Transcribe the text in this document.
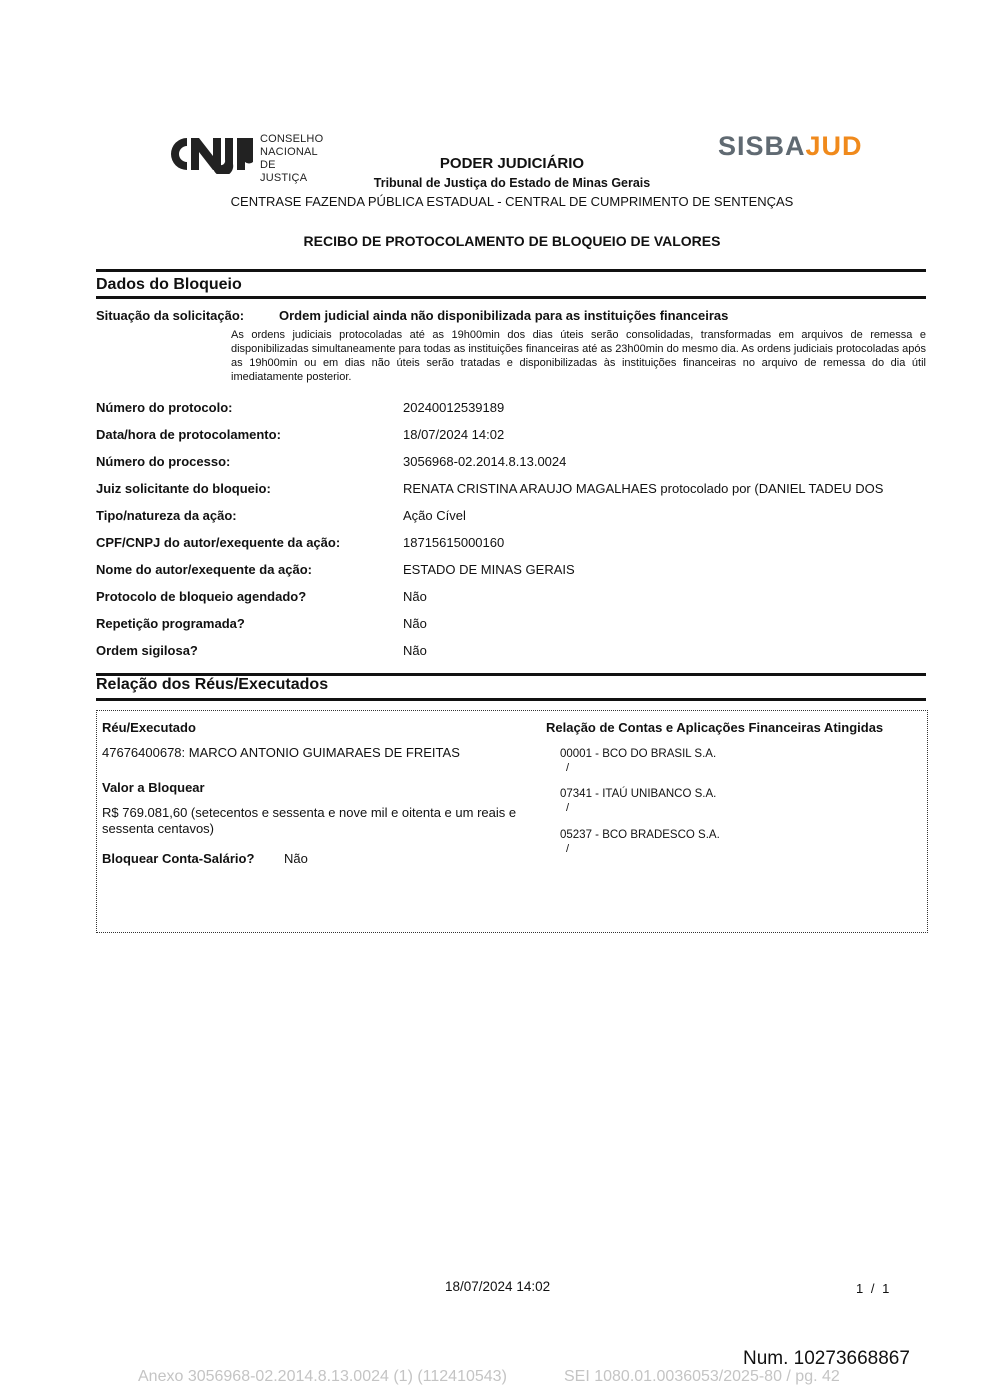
CONSELHO
NACIONAL
DE JUSTIÇA
SISBAJUD
PODER JUDICIÁRIO
Tribunal de Justiça do Estado de Minas Gerais
CENTRASE FAZENDA PÚBLICA ESTADUAL - CENTRAL DE CUMPRIMENTO DE SENTENÇAS
RECIBO DE PROTOCOLAMENTO DE BLOQUEIO DE VALORES
Dados do Bloqueio
Situação da solicitação:	Ordem judicial ainda não disponibilizada para as instituições financeiras
As ordens judiciais protocoladas até as 19h00min dos dias úteis serão consolidadas, transformadas em arquivos de remessa e disponibilizadas simultaneamente para todas as instituições financeiras até as 23h00min do mesmo dia. As ordens judiciais protocoladas após as 19h00min ou em dias não úteis serão tratadas e disponibilizadas às instituições financeiras no arquivo de remessa do dia útil imediatamente posterior.
Número do protocolo:	20240012539189
Data/hora de protocolamento:	18/07/2024 14:02
Número do processo:	3056968-02.2014.8.13.0024
Juiz solicitante do bloqueio:	RENATA CRISTINA ARAUJO MAGALHAES protocolado por (DANIEL TADEU DOS
Tipo/natureza da ação:	Ação Cível
CPF/CNPJ do autor/exequente da ação:	18715615000160
Nome do autor/exequente da ação:	ESTADO DE MINAS GERAIS
Protocolo de bloqueio agendado?	Não
Repetição programada?	Não
Ordem sigilosa?	Não
Relação dos Réus/Executados
Réu/Executado
47676400678: MARCO ANTONIO GUIMARAES DE FREITAS
Valor a Bloquear
R$ 769.081,60 (setecentos e sessenta e nove mil e oitenta e um reais e
sessenta centavos)
Bloquear Conta-Salário? Não
Relação de Contas e Aplicações Financeiras Atingidas
00001 - BCO DO BRASIL S.A.
/
07341 - ITAÚ UNIBANCO S.A.
/
05237 - BCO BRADESCO S.A.
/
18/07/2024 14:02	1 / 1
Num. 10273668867
Anexo 3056968-02.2014.8.13.0024 (1) (112410543)	SEI 1080.01.0036053/2025-80 / pg. 42
